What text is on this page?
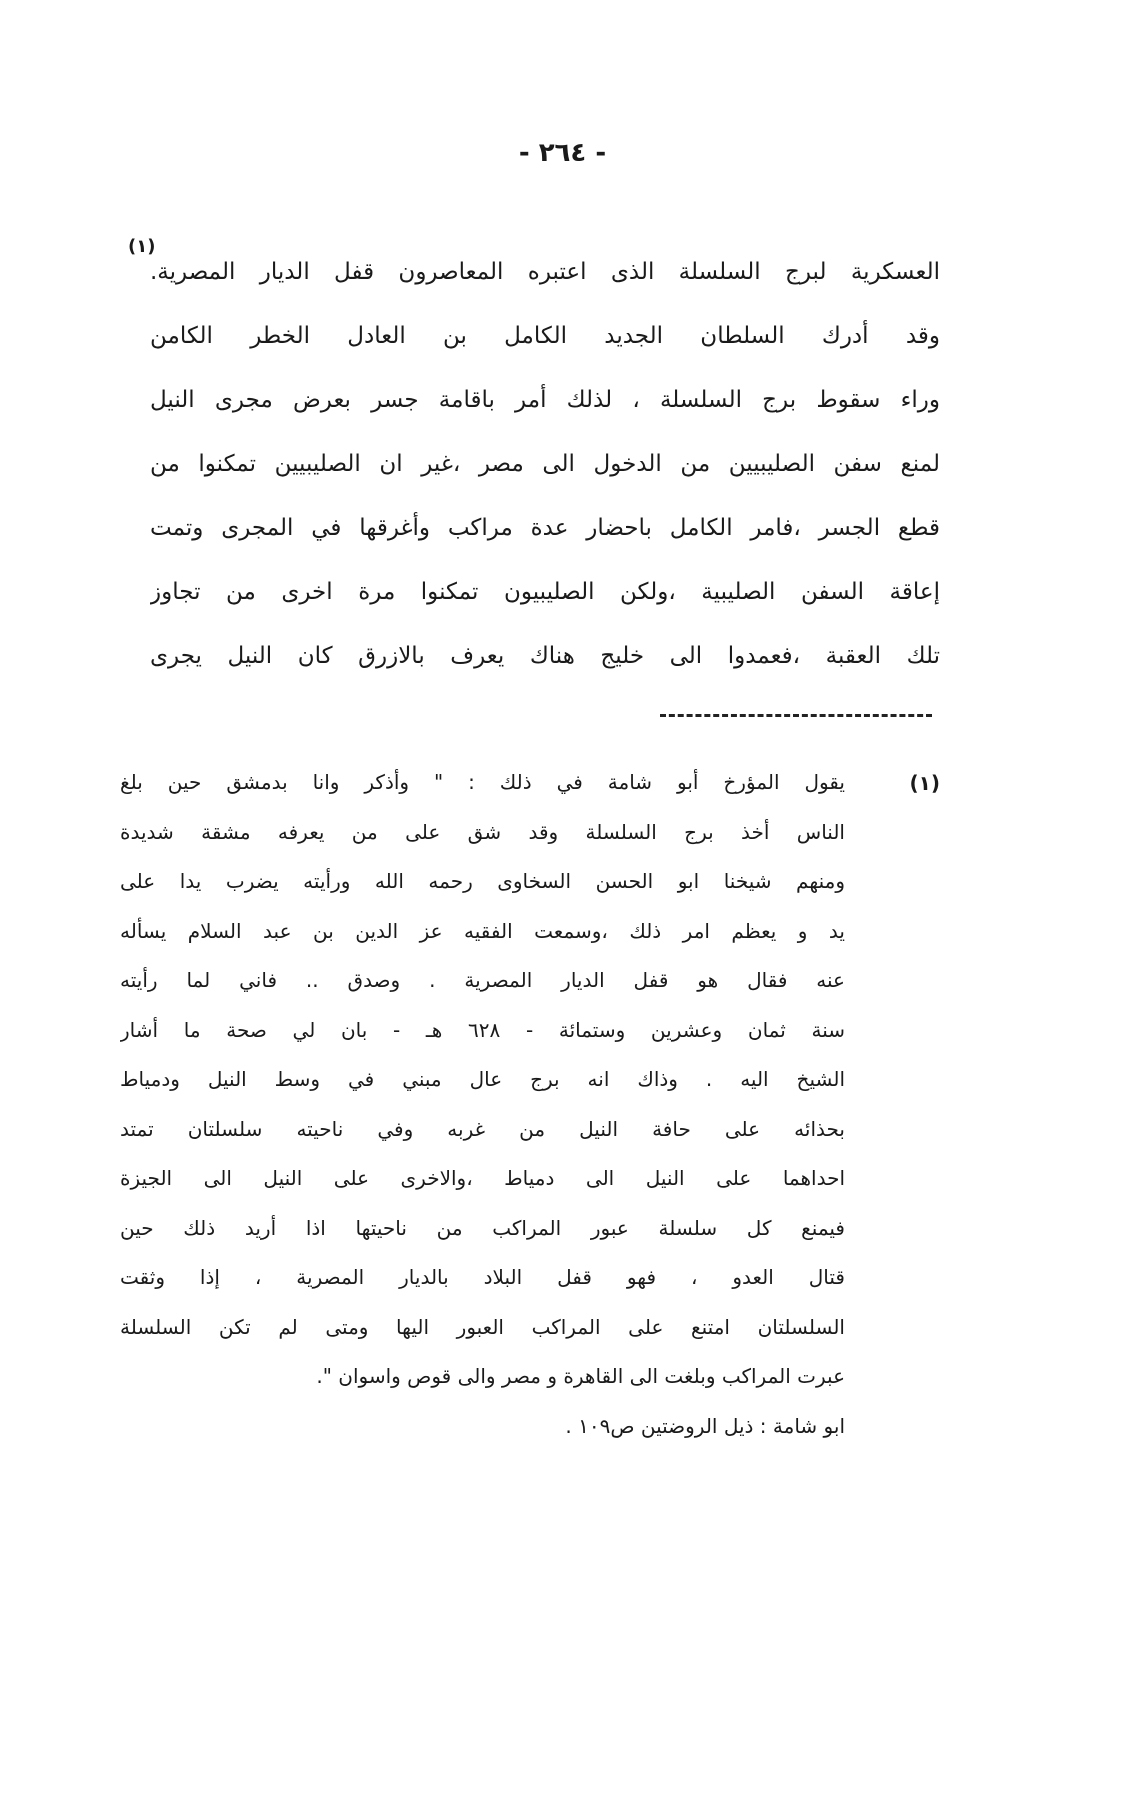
- ٢٦٤ -
(١)
العسكرية لبرج السلسلة الذى اعتبره المعاصرون قفل الديار المصرية.
وقد أدرك السلطان الجديد الكامل بن العادل الخطر الكامن
وراء سقوط برج السلسلة ، لذلك أمر باقامة جسر بعرض مجرى النيل
لمنع سفن الصليبيين من الدخول الى مصر ،غير ان الصليبيين تمكنوا من
قطع الجسر ،فامر الكامل باحضار عدة مراكب وأغرقها في المجرى وتمت
إعاقة السفن الصليبية ،ولكن الصليبيون تمكنوا مرة اخرى من تجاوز
تلك العقبة ،فعمدوا الى خليج هناك يعرف بالازرق كان النيل يجرى
(١)
يقول المؤرخ أبو شامة في ذلك : " وأذكر وانا بدمشق حين بلغ
الناس أخذ برج السلسلة وقد شق على من يعرفه مشقة شديدة
ومنهم شيخنا ابو الحسن السخاوى رحمه الله ورأيته يضرب يدا على
يد و يعظم امر ذلك ،وسمعت الفقيه عز الدين بن عبد السلام يسأله
عنه فقال هو قفل الديار المصرية . وصدق .. فاني لما رأيته
سنة ثمان وعشرين وستمائة - ٦٢٨ هـ - بان لي صحة ما أشار
الشيخ اليه . وذاك انه برج عال مبني في وسط النيل ودمياط
بحذائه على حافة النيل من غربه وفي ناحيته سلسلتان تمتد
احداهما على النيل الى دمياط ،والاخرى على النيل الى الجيزة
فيمنع كل سلسلة عبور المراكب من ناحيتها اذا أريد ذلك حين
قتال العدو ، فهو قفل البلاد بالديار المصرية ، إذا وثقت
السلسلتان امتنع على المراكب العبور اليها ومتى لم تكن السلسلة
عبرت المراكب وبلغت الى القاهرة و مصر والى قوص واسوان ".
ابو شامة : ذيل الروضتين ص١٠٩ .
